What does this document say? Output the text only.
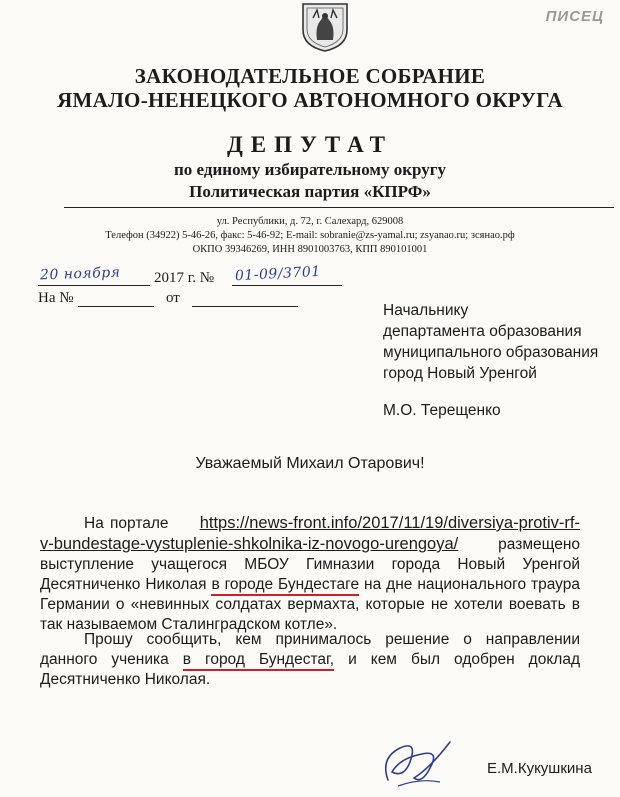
ПИСЕЦ
ЗАКОНОДАТЕЛЬНОЕ СОБРАНИЕ
ЯМАЛО-НЕНЕЦКОГО АВТОНОМНОГО ОКРУГА
ДЕПУТАТ
по единому избирательному округу
Политическая партия «КПРФ»
ул. Республики, д. 72, г. Салехард, 629008
Телефон (34922) 5-46-26, факс: 5-46-92; E-mail: sobranie@zs-yamal.ru; zsyanao.ru; зсянао.рф
ОКПО 39346269, ИНН 8901003763, КПП 890101001
20 ноября 2017 г. № 01-09/3701
На №	от
Начальнику
департамента образования
муниципального образования
город Новый Уренгой
М.О. Терещенко
Уважаемый Михаил Отарович!
На портале https://news-front.info/2017/11/19/diversiya-protiv-rf-v-bundestage-vystuplenie-shkolnika-iz-novogo-urengoya/ размещено выступление учащегося МБОУ Гимназии города Новый Уренгой Десятниченко Николая в городе Бундестаге на дне национального траура Германии о «невинных солдатах вермахта, которые не хотели воевать в так называемом Сталинградском котле».
Прошу сообщить, кем принималось решение о направлении данного ученика в город Бундестаг, и кем был одобрен доклад Десятниченко Николая.
Е.М.Кукушкина
